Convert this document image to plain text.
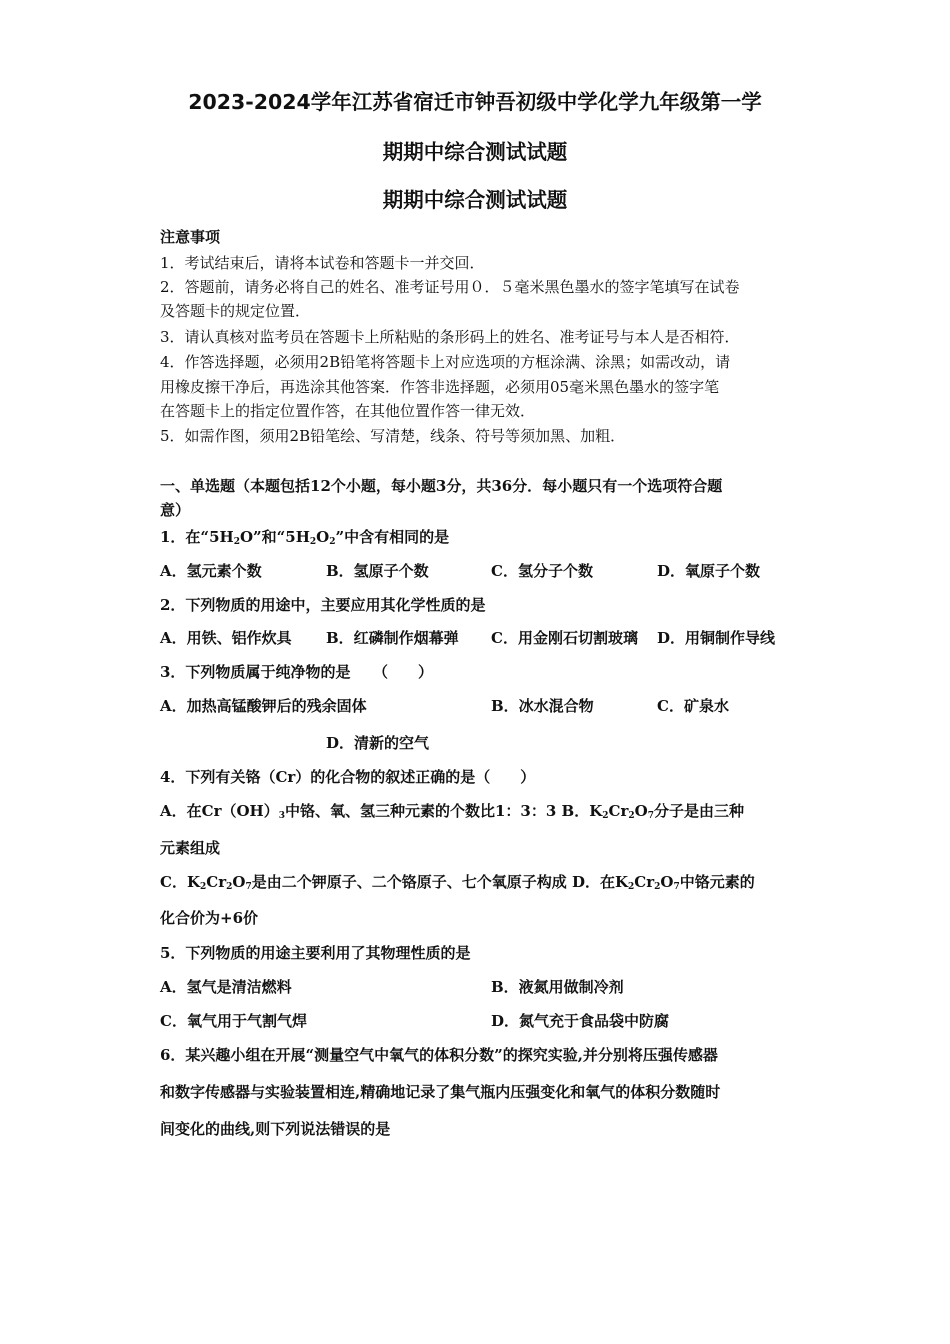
2023-2024学年江苏省宿迁市钟吾初级中学化学九年级第一学
期期中综合测试试题
期期中综合测试试题
注意事项
1．考试结束后，请将本试卷和答题卡一并交回．
2．答题前，请务必将自己的姓名、准考证号用０．５毫米黑色墨水的签字笔填写在试卷
及答题卡的规定位置．
3．请认真核对监考员在答题卡上所粘贴的条形码上的姓名、准考证号与本人是否相符．
4．作答选择题，必须用2B铅笔将答题卡上对应选项的方框涂满、涂黑；如需改动，请
用橡皮擦干净后，再选涂其他答案．作答非选择题，必须用05毫米黑色墨水的签字笔
在答题卡上的指定位置作答，在其他位置作答一律无效．
5．如需作图，须用2B铅笔绘、写清楚，线条、符号等须加黑、加粗．
一、单选题（本题包括12个小题，每小题3分，共36分．每小题只有一个选项符合题
意）
1．在“$5H_2O$”和“$5H_2O_2$”中含有相同的是
A．氢元素个数	B．氢原子个数	C．氢分子个数	D．氧原子个数
2．下列物质的用途中，主要应用其化学性质的是
A．用铁、铝作炊具 B．红磷制作烟幕弹 C．用金刚石切割玻璃 D．用铜制作导线
3．下列物质属于纯净物的是　　（　　）
A．加热高锰酸钾后的残余固体	B．冰水混合物	C．矿泉水
D．清新的空气
4．下列有关铬（Cr）的化合物的叙述正确的是（　　）
A．在$Cr(OH)_3$中铬、氧、氢三种元素的个数比1：3：3 B．$K_2Cr_2O_7$分子是由三种
元素组成
C．$K_2Cr_2O_7$是由二个钾原子、二个铬原子、七个氧原子构成 D．在$K_2Cr_2O_7$中铬元素的
化合价为+6价
5．下列物质的用途主要利用了其物理性质的是
A．氢气是清洁燃料	B．液氮用做制冷剂
C．氧气用于气割气焊	D．氮气充于食品袋中防腐
6．某兴趣小组在开展“测量空气中氧气的体积分数”的探究实验,并分别将压强传感器
和数字传感器与实验装置相连,精确地记录了集气瓶内压强变化和氧气的体积分数随时
间变化的曲线,则下列说法错误的是
